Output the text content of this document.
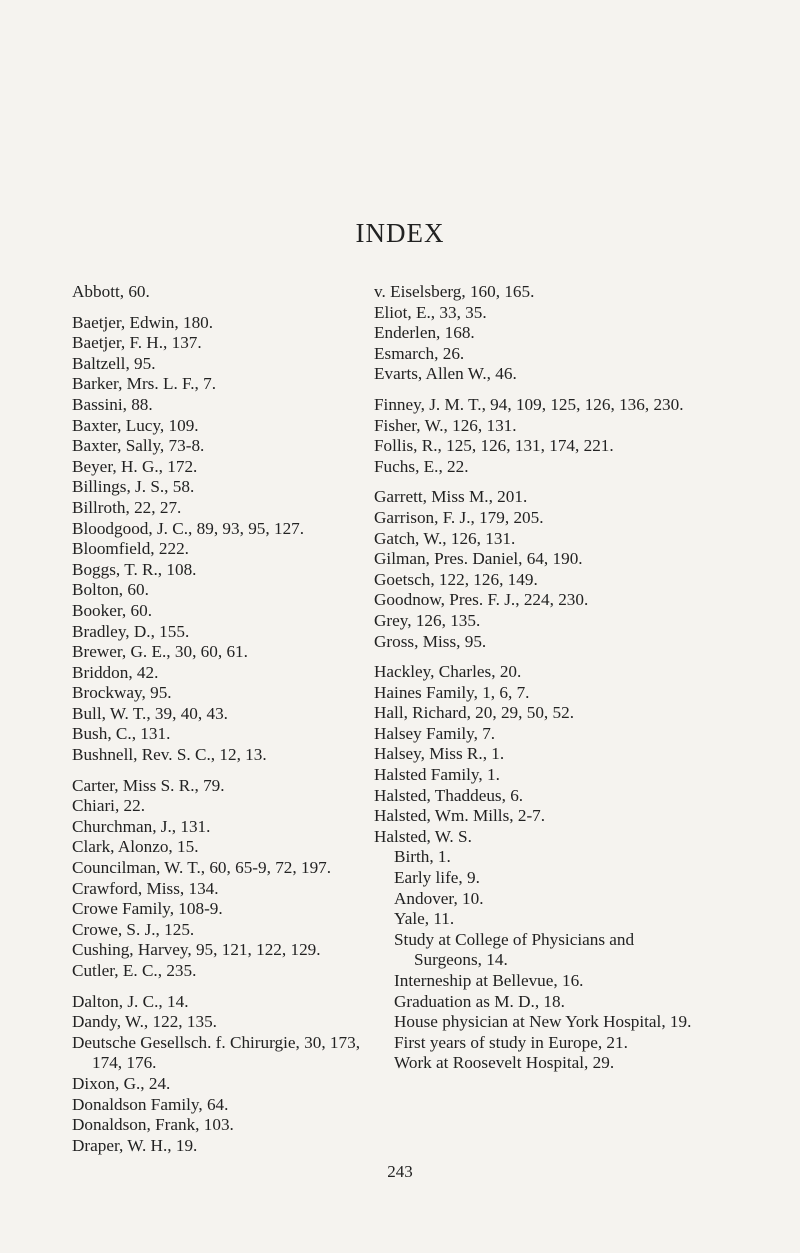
INDEX
Abbott, 60.
Baetjer, Edwin, 180.
Baetjer, F. H., 137.
Baltzell, 95.
Barker, Mrs. L. F., 7.
Bassini, 88.
Baxter, Lucy, 109.
Baxter, Sally, 73-8.
Beyer, H. G., 172.
Billings, J. S., 58.
Billroth, 22, 27.
Bloodgood, J. C., 89, 93, 95, 127.
Bloomfield, 222.
Boggs, T. R., 108.
Bolton, 60.
Booker, 60.
Bradley, D., 155.
Brewer, G. E., 30, 60, 61.
Briddon, 42.
Brockway, 95.
Bull, W. T., 39, 40, 43.
Bush, C., 131.
Bushnell, Rev. S. C., 12, 13.
Carter, Miss S. R., 79.
Chiari, 22.
Churchman, J., 131.
Clark, Alonzo, 15.
Councilman, W. T., 60, 65-9, 72, 197.
Crawford, Miss, 134.
Crowe Family, 108-9.
Crowe, S. J., 125.
Cushing, Harvey, 95, 121, 122, 129.
Cutler, E. C., 235.
Dalton, J. C., 14.
Dandy, W., 122, 135.
Deutsche Gesellsch. f. Chirurgie, 30, 173, 174, 176.
Dixon, G., 24.
Donaldson Family, 64.
Donaldson, Frank, 103.
Draper, W. H., 19.
v. Eiselsberg, 160, 165.
Eliot, E., 33, 35.
Enderlen, 168.
Esmarch, 26.
Evarts, Allen W., 46.
Finney, J. M. T., 94, 109, 125, 126, 136, 230.
Fisher, W., 126, 131.
Follis, R., 125, 126, 131, 174, 221.
Fuchs, E., 22.
Garrett, Miss M., 201.
Garrison, F. J., 179, 205.
Gatch, W., 126, 131.
Gilman, Pres. Daniel, 64, 190.
Goetsch, 122, 126, 149.
Goodnow, Pres. F. J., 224, 230.
Grey, 126, 135.
Gross, Miss, 95.
Hackley, Charles, 20.
Haines Family, 1, 6, 7.
Hall, Richard, 20, 29, 50, 52.
Halsey Family, 7.
Halsey, Miss R., 1.
Halsted Family, 1.
Halsted, Thaddeus, 6.
Halsted, Wm. Mills, 2-7.
Halsted, W. S.
Birth, 1.
Early life, 9.
Andover, 10.
Yale, 11.
Study at College of Physicians and Surgeons, 14.
Interneship at Bellevue, 16.
Graduation as M. D., 18.
House physician at New York Hospital, 19.
First years of study in Europe, 21.
Work at Roosevelt Hospital, 29.
243
